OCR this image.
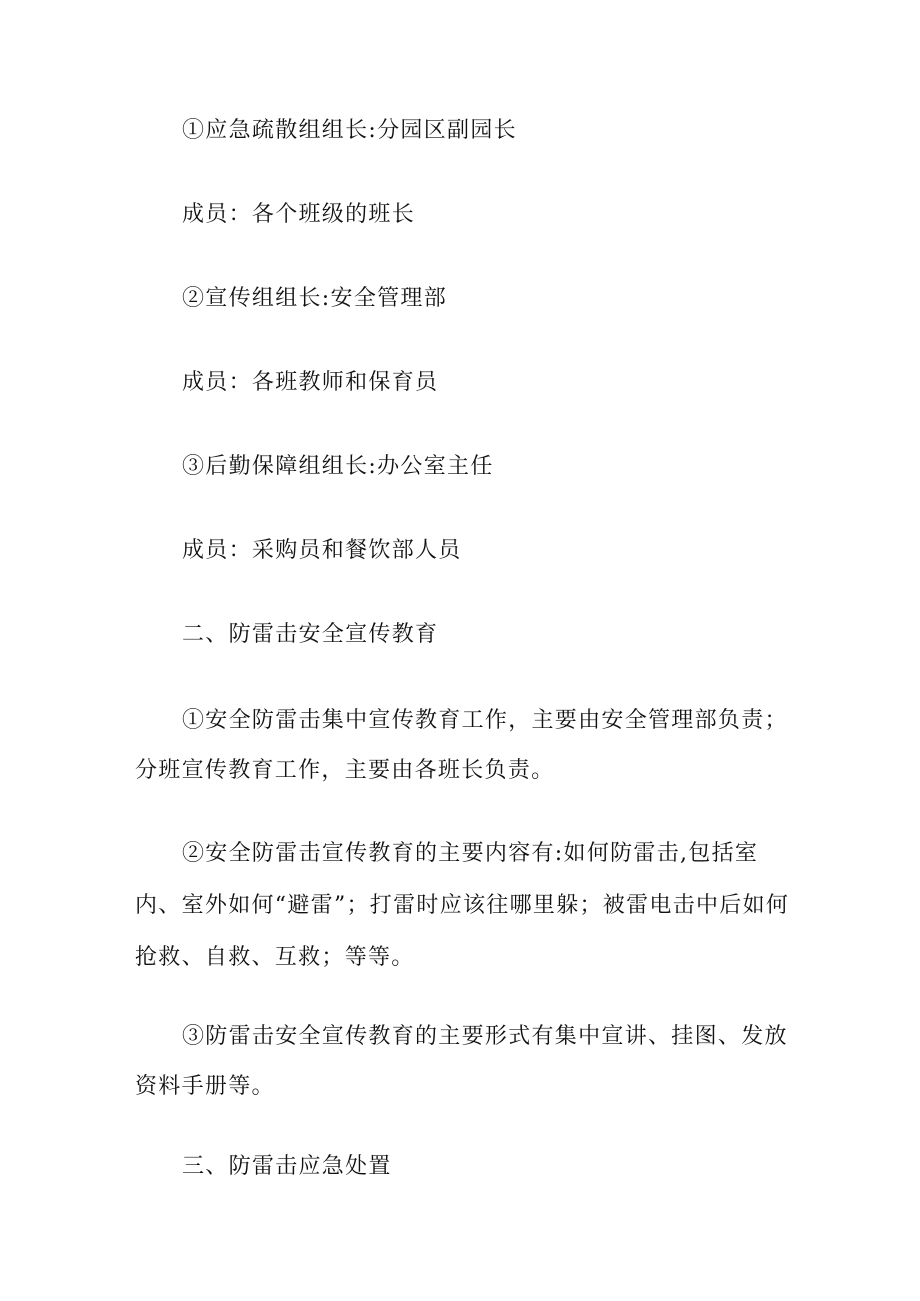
①应急疏散组组长:分园区副园长

成员：各个班级的班长

②宣传组组长:安全管理部

成员：各班教师和保育员

③后勤保障组组长:办公室主任

成员：采购员和餐饮部人员

二、防雷击安全宣传教育

①安全防雷击集中宣传教育工作，主要由安全管理部负责；分班宣传教育工作，主要由各班长负责。

②安全防雷击宣传教育的主要内容有:如何防雷击,包括室内、室外如何“避雷”；打雷时应该往哪里躲；被雷电击中后如何抢救、自救、互救；等等。

③防雷击安全宣传教育的主要形式有集中宣讲、挂图、发放资料手册等。

三、防雷击应急处置
